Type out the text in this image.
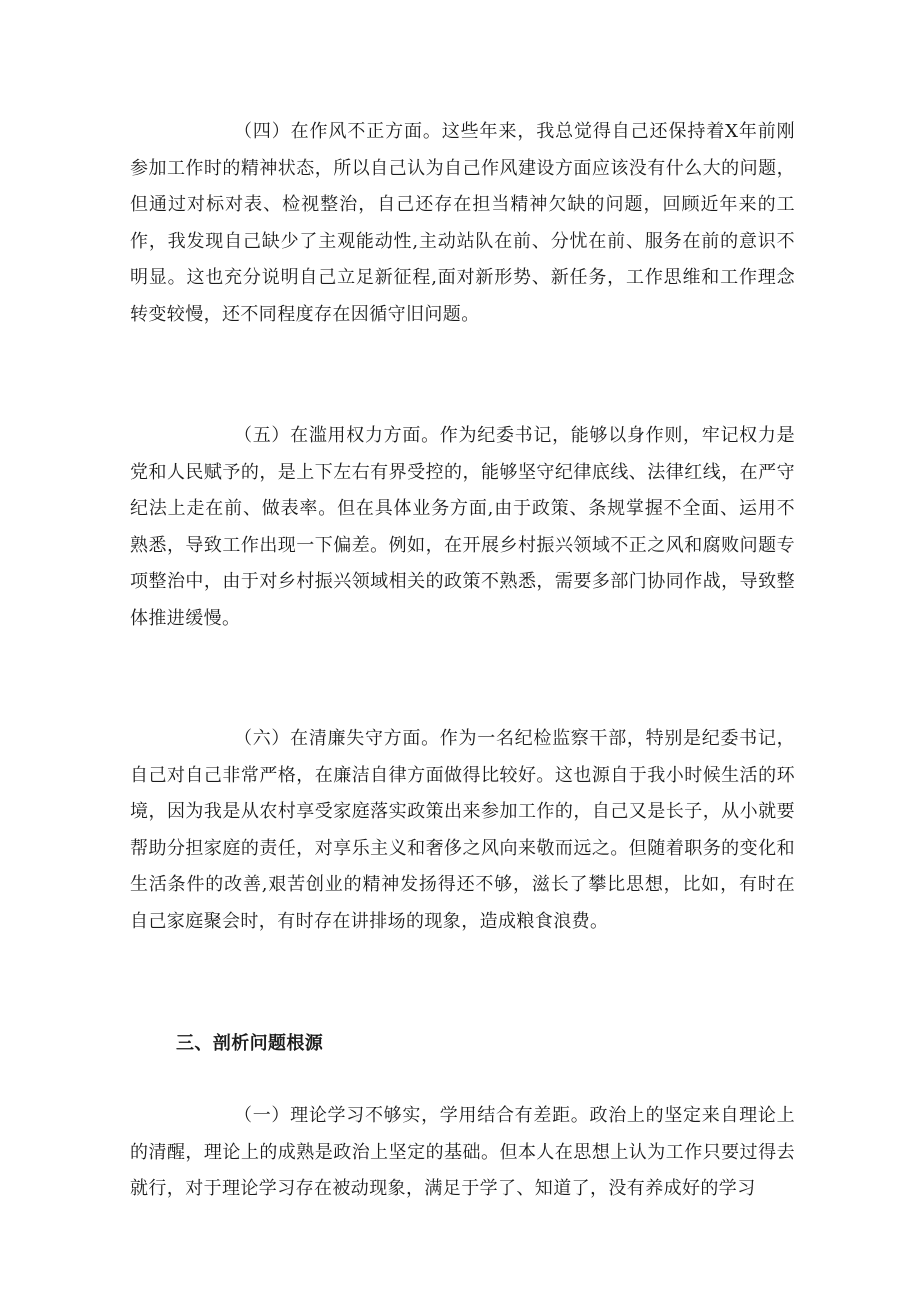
（四）在作风不正方面。这些年来，我总觉得自己还保持着X年前刚参加工作时的精神状态，所以自己认为自己作风建设方面应该没有什么大的问题，但通过对标对表、检视整治，自己还存在担当精神欠缺的问题，回顾近年来的工作，我发现自己缺少了主观能动性,主动站队在前、分忧在前、服务在前的意识不明显。这也充分说明自己立足新征程,面对新形势、新任务，工作思维和工作理念转变较慢，还不同程度存在因循守旧问题。

（五）在滥用权力方面。作为纪委书记，能够以身作则，牢记权力是党和人民赋予的，是上下左右有界受控的，能够坚守纪律底线、法律红线，在严守纪法上走在前、做表率。但在具体业务方面,由于政策、条规掌握不全面、运用不熟悉，导致工作出现一下偏差。例如，在开展乡村振兴领域不正之风和腐败问题专项整治中，由于对乡村振兴领域相关的政策不熟悉，需要多部门协同作战，导致整体推进缓慢。

（六）在清廉失守方面。作为一名纪检监察干部，特别是纪委书记，自己对自己非常严格，在廉洁自律方面做得比较好。这也源自于我小时候生活的环境，因为我是从农村享受家庭落实政策出来参加工作的，自己又是长子，从小就要帮助分担家庭的责任，对享乐主义和奢侈之风向来敬而远之。但随着职务的变化和生活条件的改善,艰苦创业的精神发扬得还不够，滋长了攀比思想，比如，有时在自己家庭聚会时，有时存在讲排场的现象，造成粮食浪费。

三、剖析问题根源

（一）理论学习不够实，学用结合有差距。政治上的坚定来自理论上的清醒，理论上的成熟是政治上坚定的基础。但本人在思想上认为工作只要过得去就行，对于理论学习存在被动现象，满足于学了、知道了，没有养成好的学习
